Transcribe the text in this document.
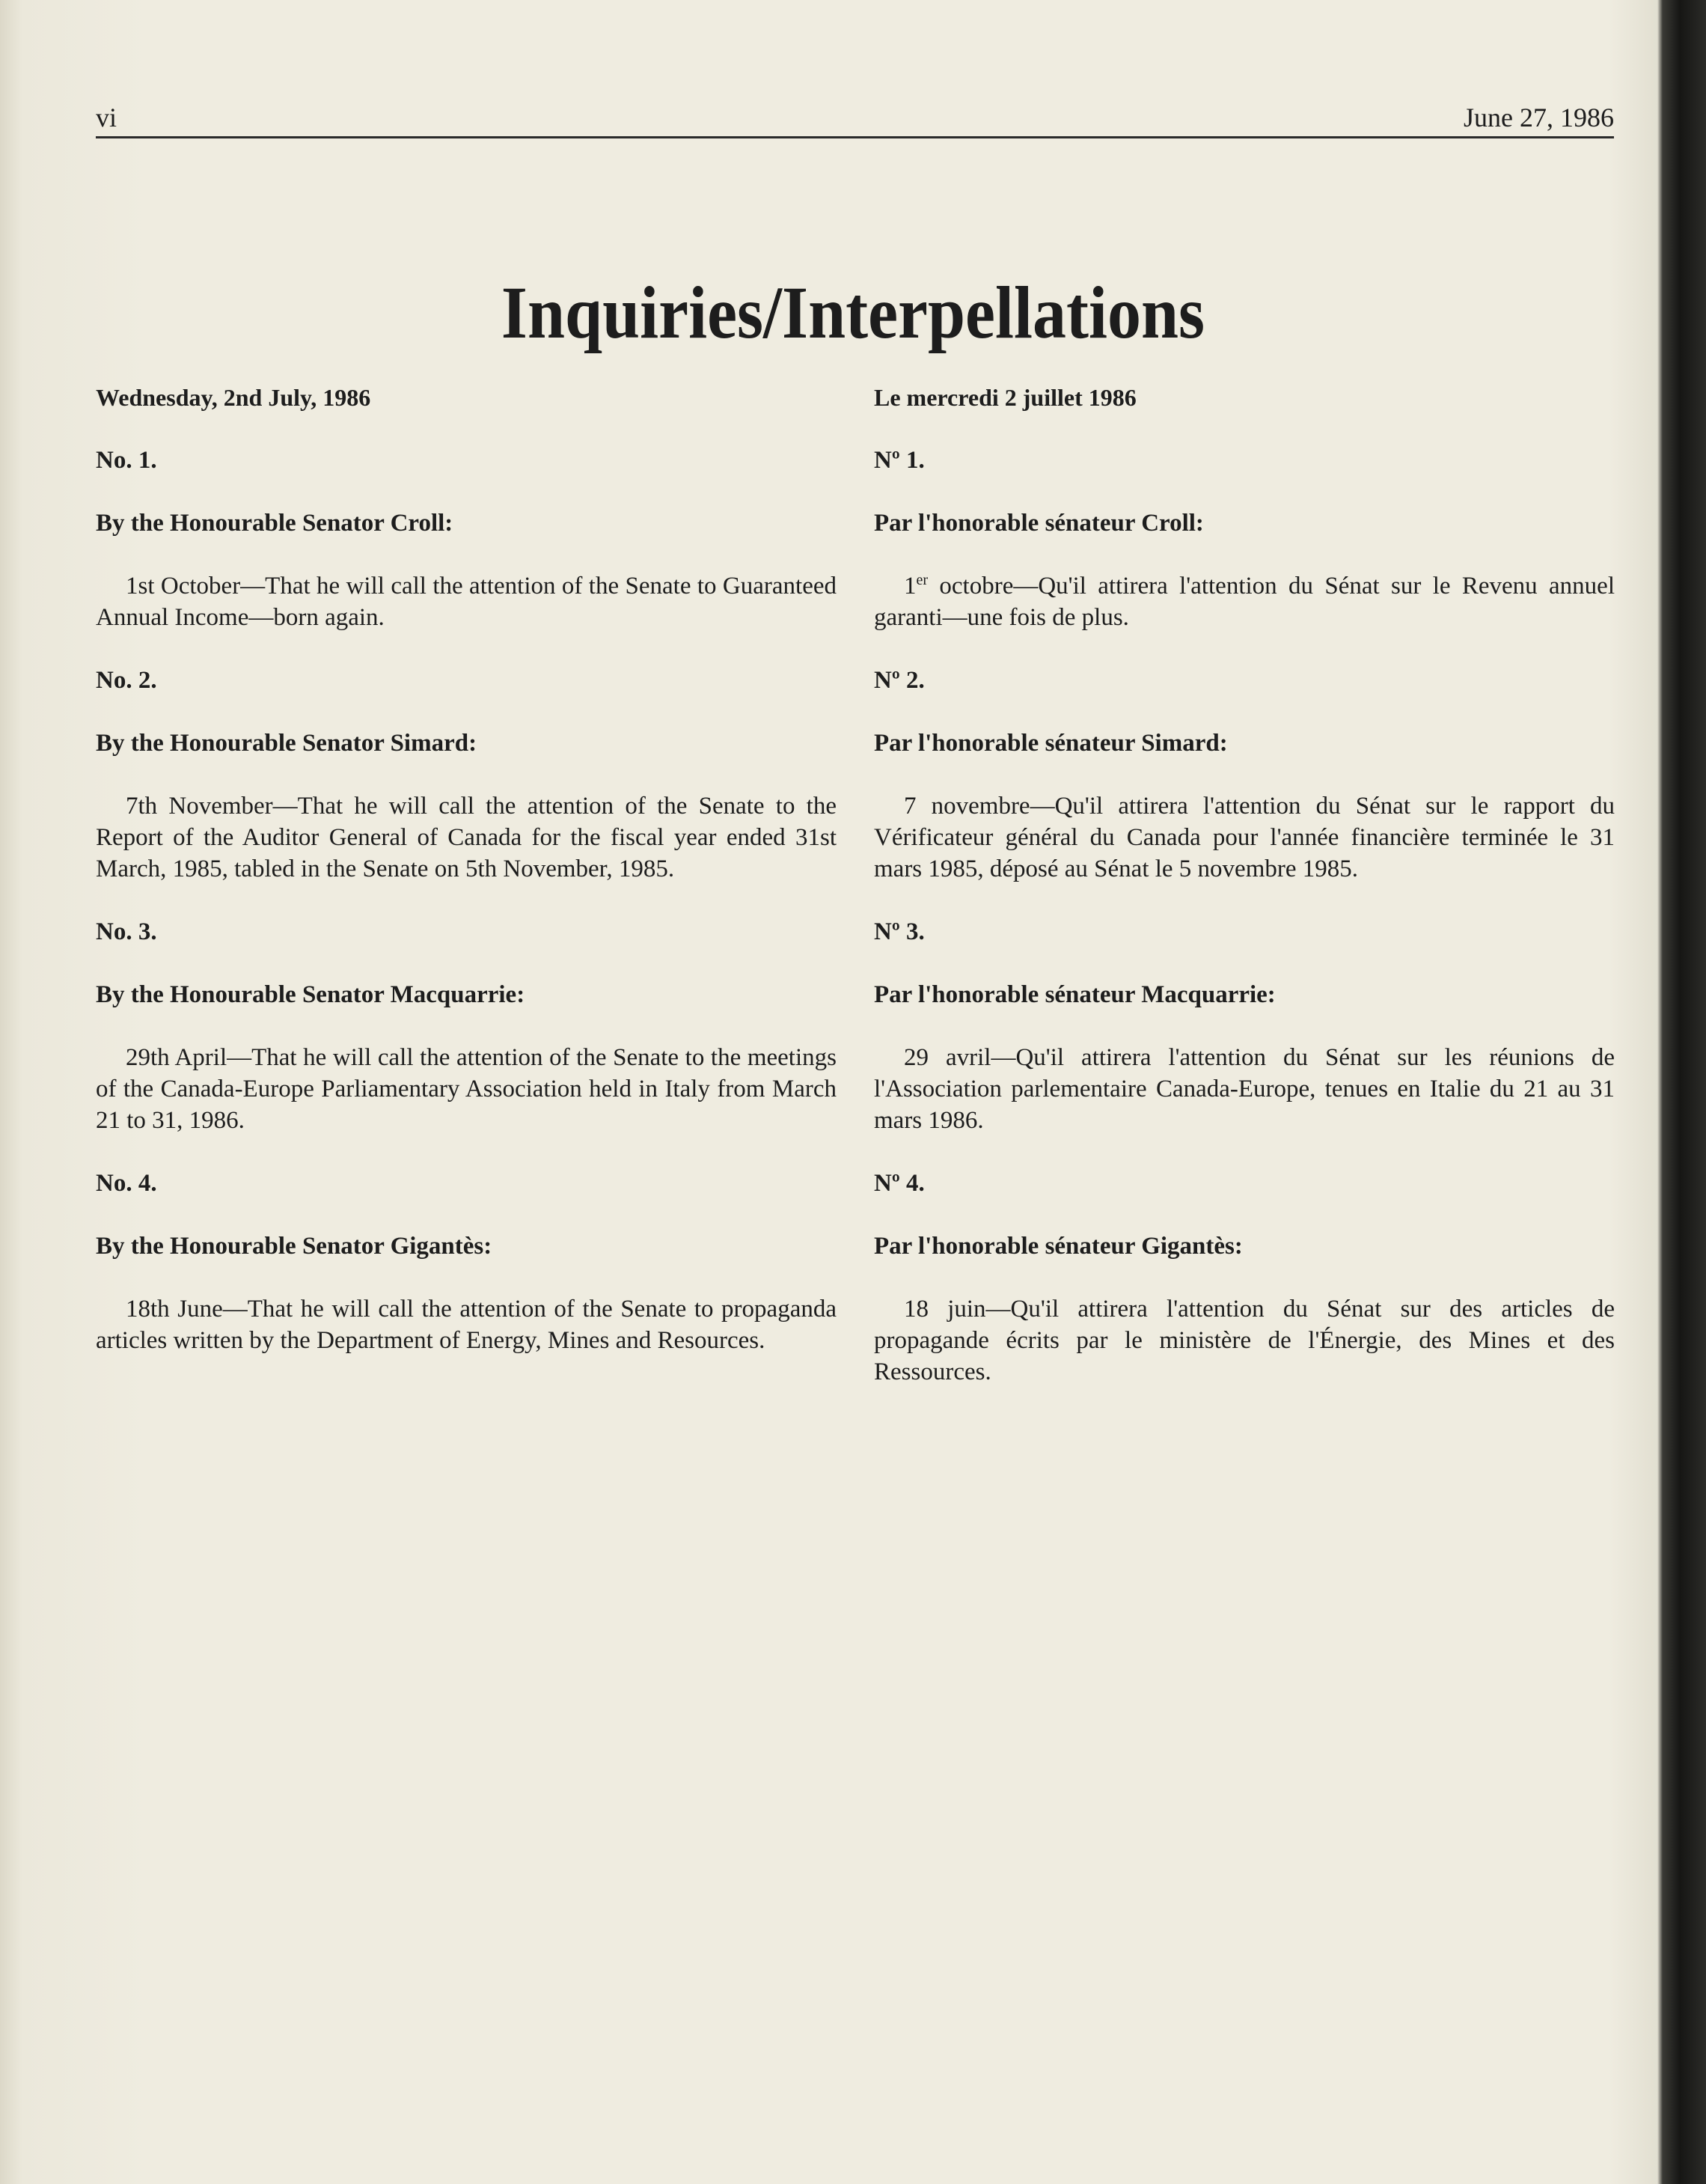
vi	June 27, 1986
Inquiries/Interpellations

Wednesday, 2nd July, 1986

No. 1.

By the Honourable Senator Croll:

1st October—That he will call the attention of the Senate to Guaranteed Annual Income—born again.

No. 2.

By the Honourable Senator Simard:

7th November—That he will call the attention of the Senate to the Report of the Auditor General of Canada for the fiscal year ended 31st March, 1985, tabled in the Senate on 5th November, 1985.

No. 3.

By the Honourable Senator Macquarrie:

29th April—That he will call the attention of the Senate to the meetings of the Canada-Europe Parliamentary Association held in Italy from March 21 to 31, 1986.

No. 4.

By the Honourable Senator Gigantès:

18th June—That he will call the attention of the Senate to propaganda articles written by the Department of Energy, Mines and Resources.

Le mercredi 2 juillet 1986

Nº 1.

Par l'honorable sénateur Croll:

1er octobre—Qu'il attirera l'attention du Sénat sur le Revenu annuel garanti—une fois de plus.

Nº 2.

Par l'honorable sénateur Simard:

7 novembre—Qu'il attirera l'attention du Sénat sur le rapport du Vérificateur général du Canada pour l'année financière terminée le 31 mars 1985, déposé au Sénat le 5 novembre 1985.

Nº 3.

Par l'honorable sénateur Macquarrie:

29 avril—Qu'il attirera l'attention du Sénat sur les réunions de l'Association parlementaire Canada-Europe, tenues en Italie du 21 au 31 mars 1986.

Nº 4.

Par l'honorable sénateur Gigantès:

18 juin—Qu'il attirera l'attention du Sénat sur des articles de propagande écrits par le ministère de l'Énergie, des Mines et des Ressources.
